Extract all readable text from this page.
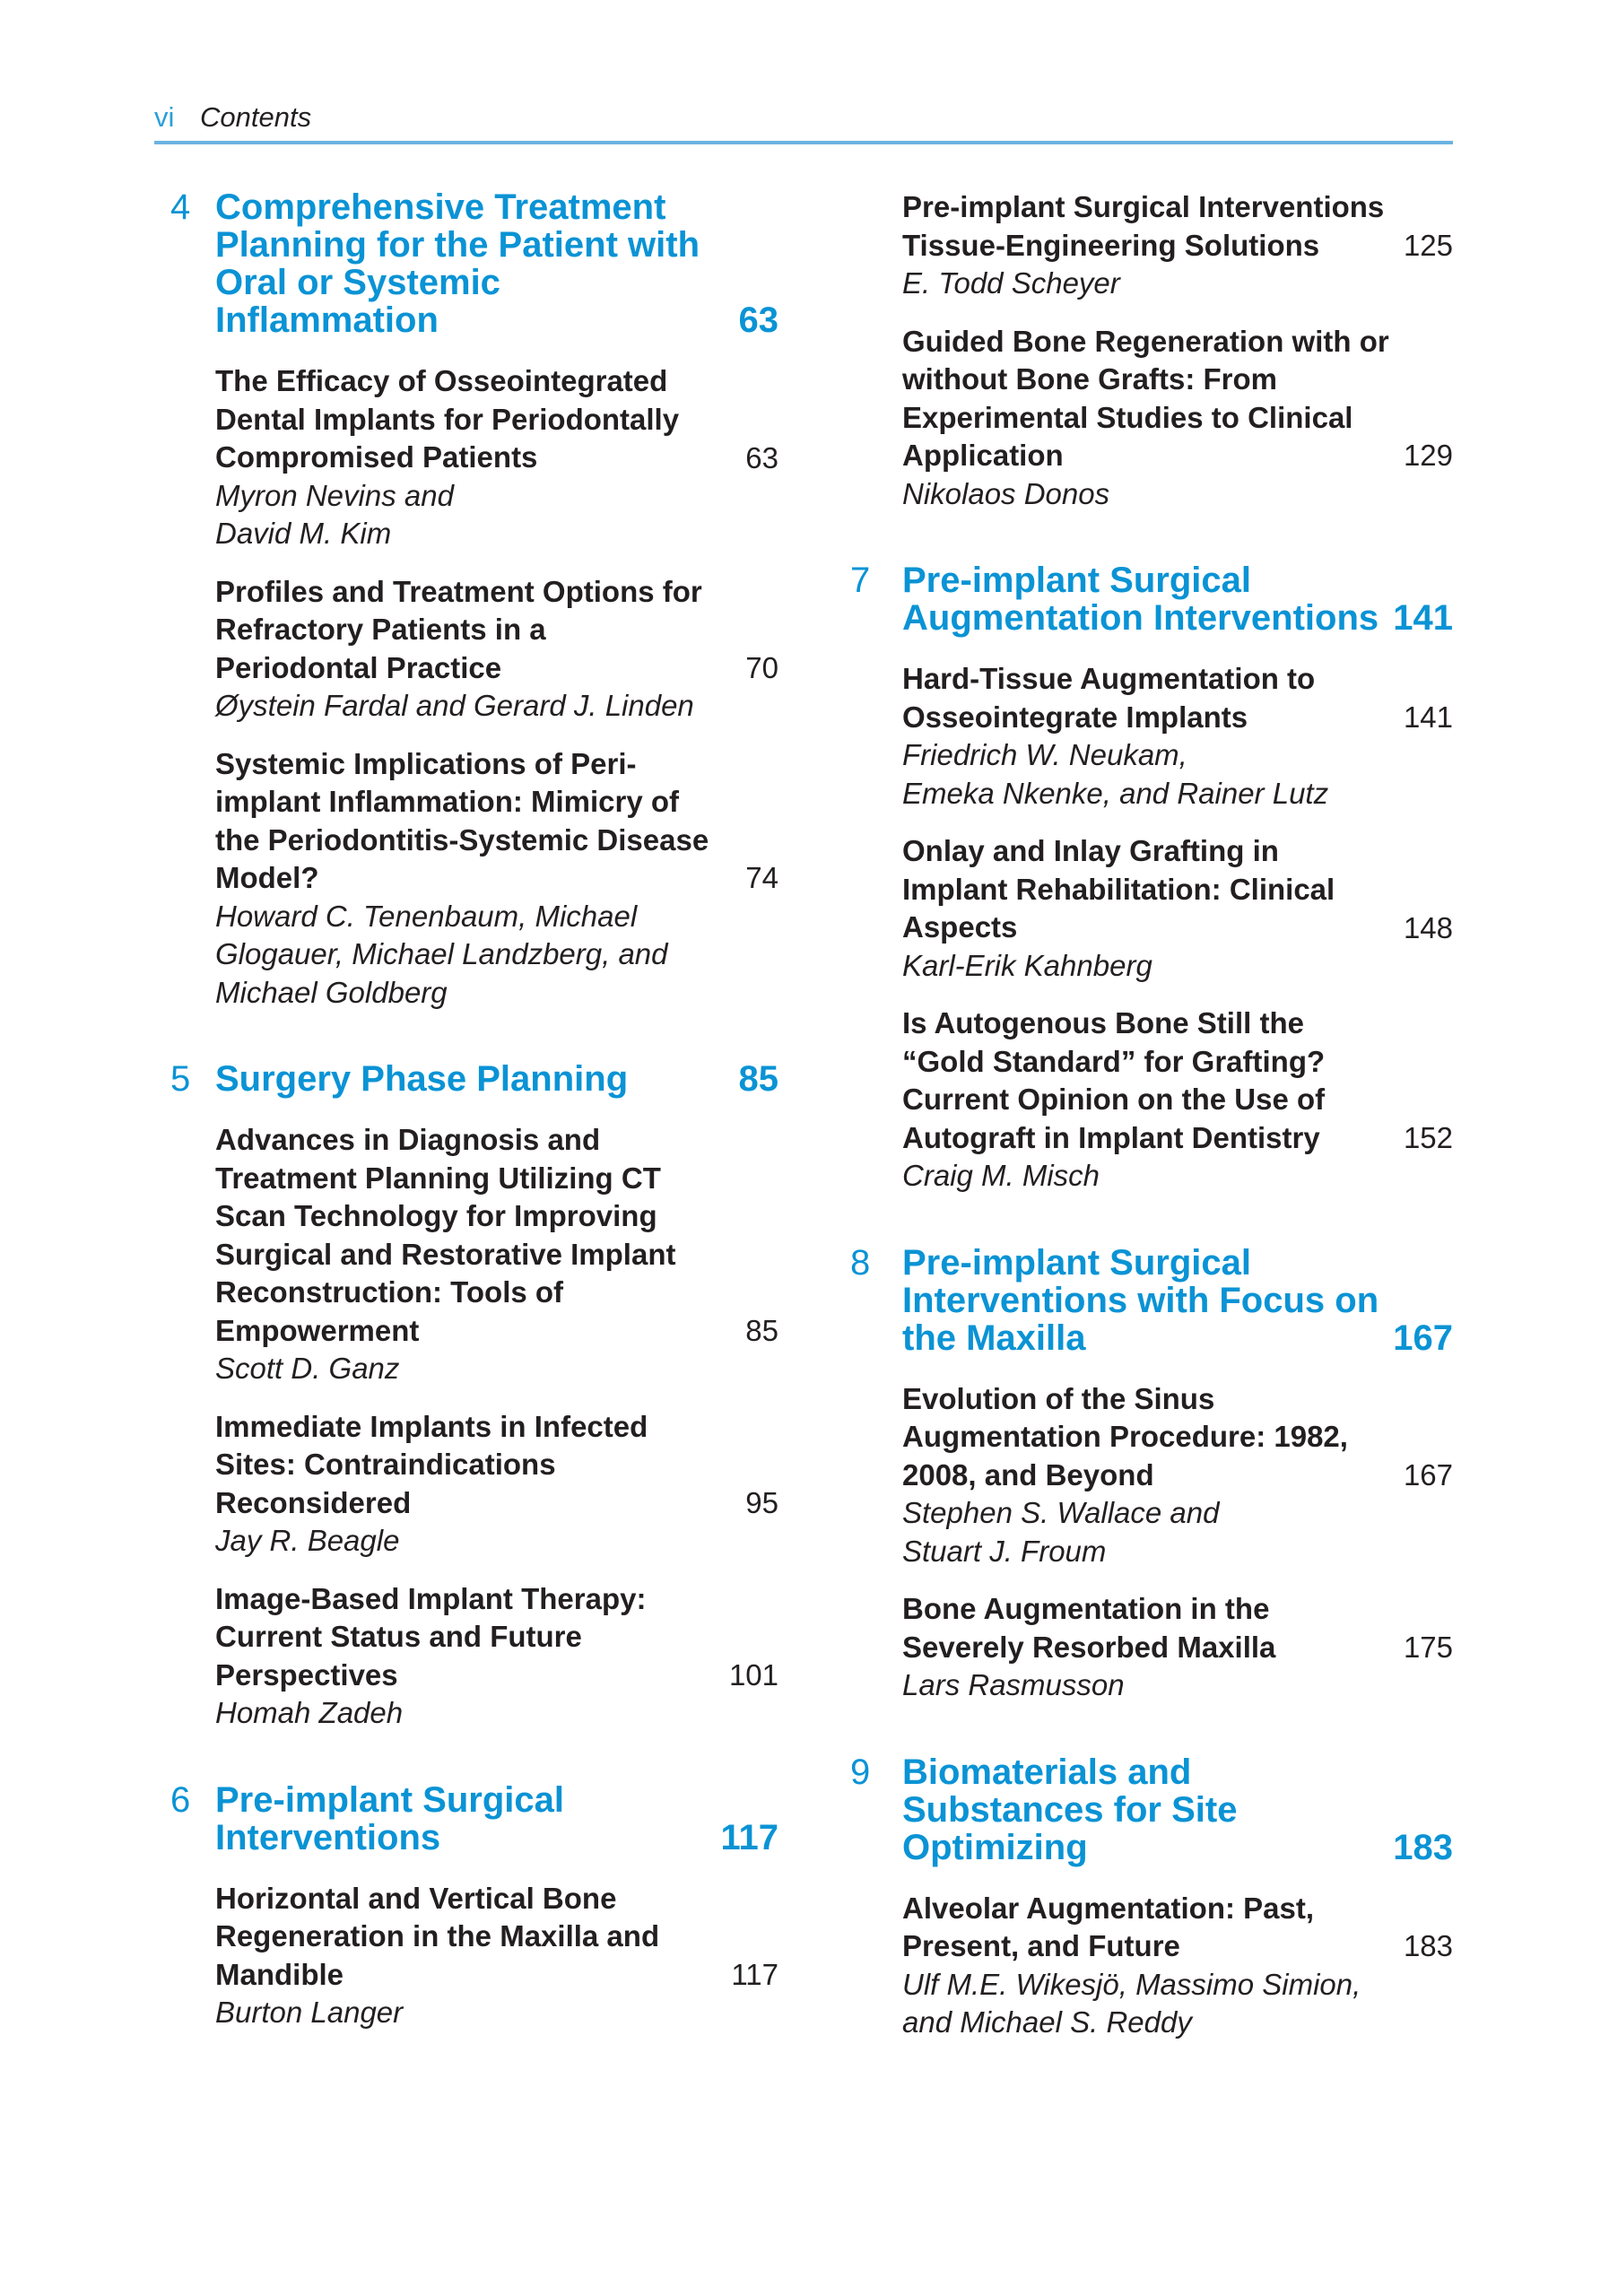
vi Contents
4 Comprehensive Treatment Planning for the Patient with Oral or Systemic Inflammation	63
The Efficacy of Osseointegrated Dental Implants for Periodontally Compromised Patients	63
Myron Nevins and
David M. Kim
Profiles and Treatment Options for Refractory Patients in a Periodontal Practice	70
Øystein Fardal and Gerard J. Linden
Systemic Implications of Peri-implant Inflammation: Mimicry of the Periodontitis-Systemic Disease Model?	74
Howard C. Tenenbaum, Michael
Glogauer, Michael Landzberg, and
Michael Goldberg
5 Surgery Phase Planning	85
Advances in Diagnosis and Treatment Planning Utilizing CT Scan Technology for Improving Surgical and Restorative Implant Reconstruction: Tools of Empowerment	85
Scott D. Ganz
Immediate Implants in Infected Sites: Contraindications Reconsidered	95
Jay R. Beagle
Image-Based Implant Therapy: Current Status and Future Perspectives	101
Homah Zadeh
6 Pre-implant Surgical Interventions	117
Horizontal and Vertical Bone Regeneration in the Maxilla and Mandible	117
Burton Langer
Pre-implant Surgical Interventions Tissue-Engineering Solutions	125
E. Todd Scheyer
Guided Bone Regeneration with or without Bone Grafts: From Experimental Studies to Clinical Application	129
Nikolaos Donos
7 Pre-implant Surgical Augmentation Interventions 141
Hard-Tissue Augmentation to Osseointegrate Implants	141
Friedrich W. Neukam,
Emeka Nkenke, and Rainer Lutz
Onlay and Inlay Grafting in Implant Rehabilitation: Clinical Aspects	148
Karl-Erik Kahnberg
Is Autogenous Bone Still the “Gold Standard” for Grafting? Current Opinion on the Use of Autograft in Implant Dentistry	152
Craig M. Misch
8 Pre-implant Surgical Interventions with Focus on the Maxilla	167
Evolution of the Sinus Augmentation Procedure: 1982, 2008, and Beyond	167
Stephen S. Wallace and
Stuart J. Froum
Bone Augmentation in the Severely Resorbed Maxilla	175
Lars Rasmusson
9 Biomaterials and Substances for Site Optimizing	183
Alveolar Augmentation: Past, Present, and Future	183
Ulf M.E. Wikesjö, Massimo Simion,
and Michael S. Reddy
